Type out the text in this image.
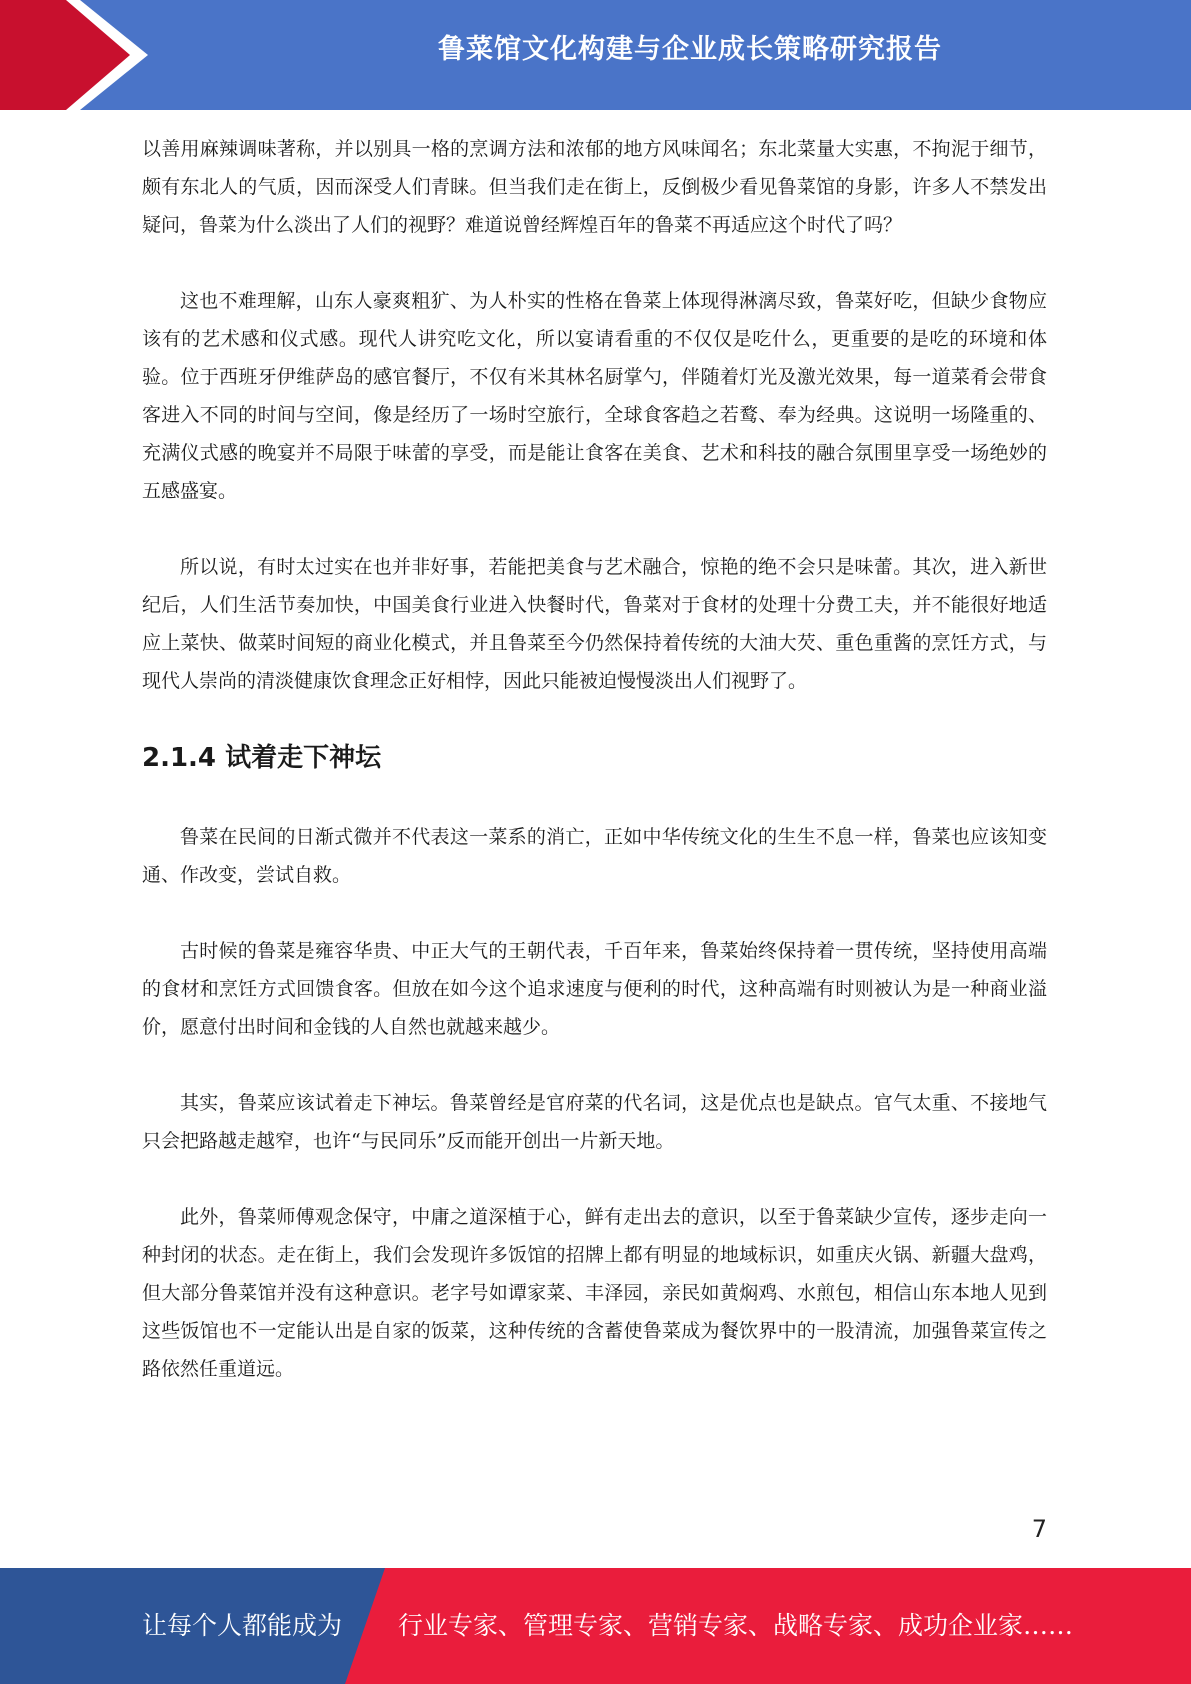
鲁菜馆文化构建与企业成长策略研究报告

以善用麻辣调味著称，并以别具一格的烹调方法和浓郁的地方风味闻名；东北菜量大实惠，不拘泥于细节，颇有东北人的气质，因而深受人们青睐。但当我们走在街上，反倒极少看见鲁菜馆的身影，许多人不禁发出疑问，鲁菜为什么淡出了人们的视野？难道说曾经辉煌百年的鲁菜不再适应这个时代了吗？

这也不难理解，山东人豪爽粗犷、为人朴实的性格在鲁菜上体现得淋漓尽致，鲁菜好吃，但缺少食物应该有的艺术感和仪式感。现代人讲究吃文化，所以宴请看重的不仅仅是吃什么，更重要的是吃的环境和体验。位于西班牙伊维萨岛的感官餐厅，不仅有米其林名厨掌勺，伴随着灯光及激光效果，每一道菜肴会带食客进入不同的时间与空间，像是经历了一场时空旅行，全球食客趋之若鹜、奉为经典。这说明一场隆重的、充满仪式感的晚宴并不局限于味蕾的享受，而是能让食客在美食、艺术和科技的融合氛围里享受一场绝妙的五感盛宴。

所以说，有时太过实在也并非好事，若能把美食与艺术融合，惊艳的绝不会只是味蕾。其次，进入新世纪后，人们生活节奏加快，中国美食行业进入快餐时代，鲁菜对于食材的处理十分费工夫，并不能很好地适应上菜快、做菜时间短的商业化模式，并且鲁菜至今仍然保持着传统的大油大芡、重色重酱的烹饪方式，与现代人崇尚的清淡健康饮食理念正好相悖，因此只能被迫慢慢淡出人们视野了。

2.1.4 试着走下神坛

鲁菜在民间的日渐式微并不代表这一菜系的消亡，正如中华传统文化的生生不息一样，鲁菜也应该知变通、作改变，尝试自救。

古时候的鲁菜是雍容华贵、中正大气的王朝代表，千百年来，鲁菜始终保持着一贯传统，坚持使用高端的食材和烹饪方式回馈食客。但放在如今这个追求速度与便利的时代，这种高端有时则被认为是一种商业溢价，愿意付出时间和金钱的人自然也就越来越少。

其实，鲁菜应该试着走下神坛。鲁菜曾经是官府菜的代名词，这是优点也是缺点。官气太重、不接地气只会把路越走越窄，也许“与民同乐”反而能开创出一片新天地。

此外，鲁菜师傅观念保守，中庸之道深植于心，鲜有走出去的意识，以至于鲁菜缺少宣传，逐步走向一种封闭的状态。走在街上，我们会发现许多饭馆的招牌上都有明显的地域标识，如重庆火锅、新疆大盘鸡，但大部分鲁菜馆并没有这种意识。老字号如谭家菜、丰泽园，亲民如黄焖鸡、水煎包，相信山东本地人见到这些饭馆也不一定能认出是自家的饭菜，这种传统的含蓄使鲁菜成为餐饮界中的一股清流，加强鲁菜宣传之路依然任重道远。

7
让每个人都能成为 行业专家、管理专家、营销专家、战略专家、成功企业家……
